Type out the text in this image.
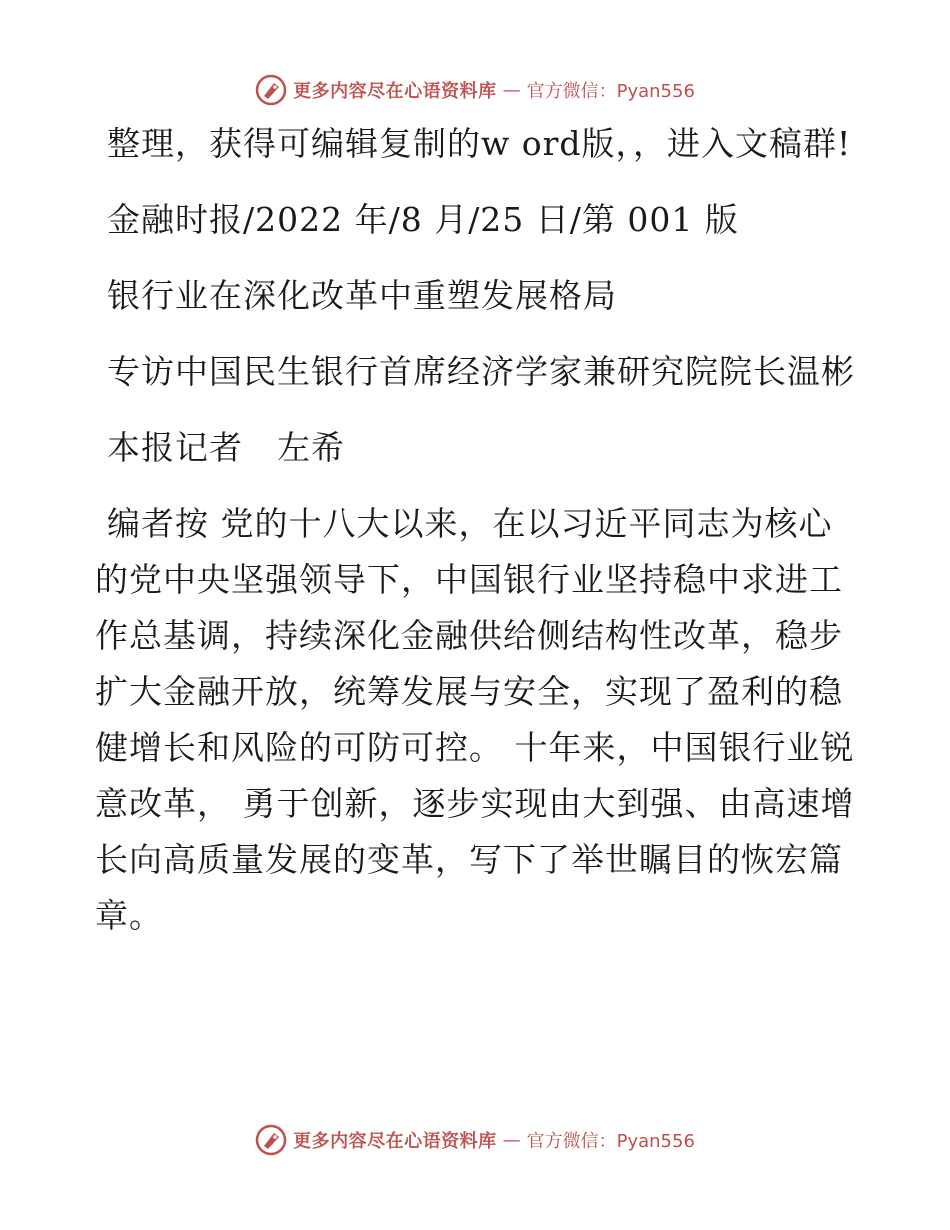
更多内容尽在心语资料库 — 官方微信：Pyan556

整理，获得可编辑复制的w ord版，，进入文稿群!

金融时报/2022 年/8 月/25 日/第 001 版

银行业在深化改革中重塑发展格局

专访中国民生银行首席经济学家兼研究院院长温彬

本报记者　左希

编者按 党的十八大以来，在以习近平同志为核心的党中央坚强领导下，中国银行业坚持稳中求进工作总基调，持续深化金融供给侧结构性改革，稳步扩大金融开放，统筹发展与安全，实现了盈利的稳健增长和风险的可防可控。 十年来，中国银行业锐意改革， 勇于创新，逐步实现由大到强、由高速增长向高质量发展的变革，写下了举世瞩目的恢宏篇章。

更多内容尽在心语资料库 — 官方微信：Pyan556
